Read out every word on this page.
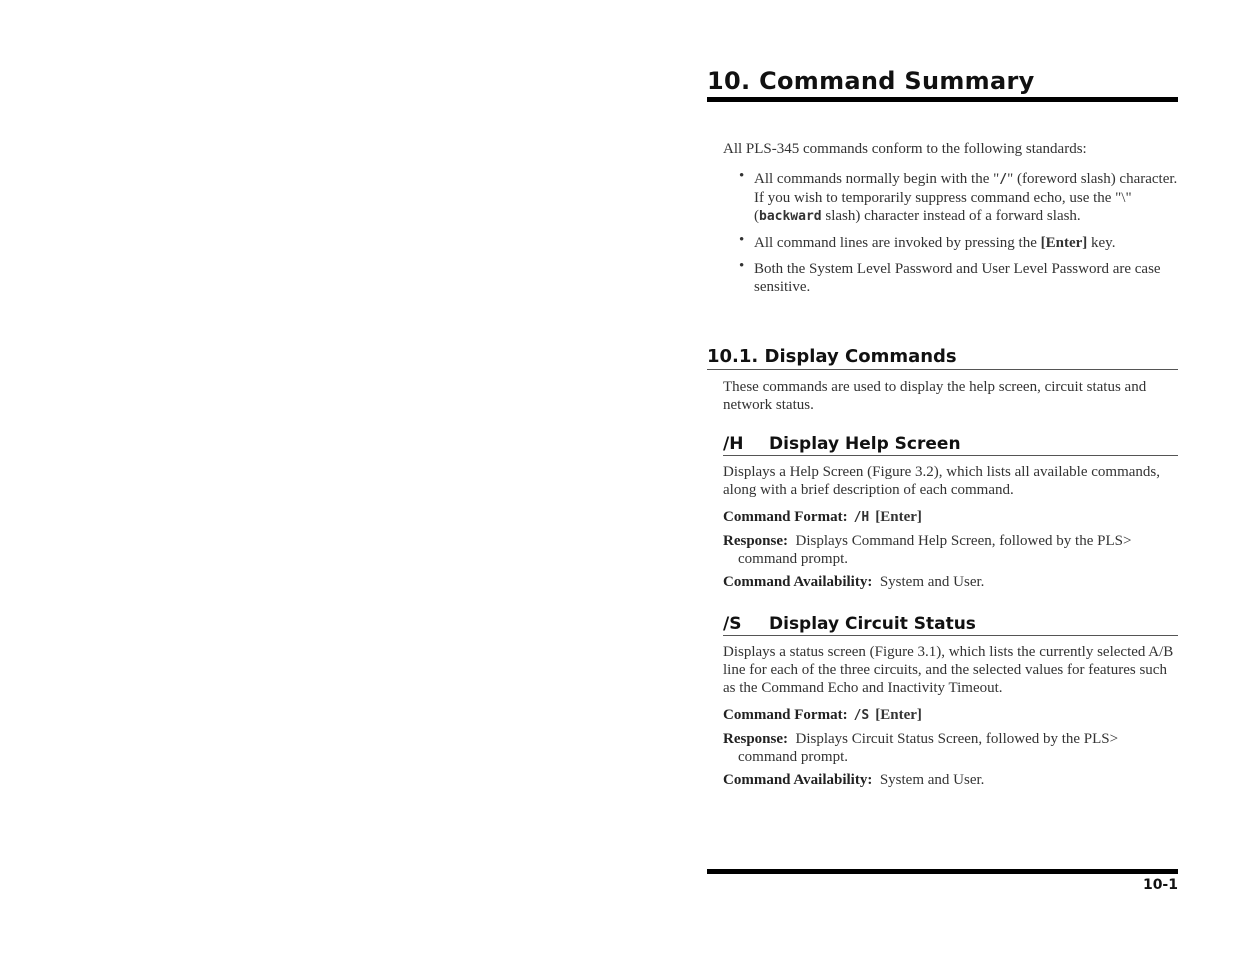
10. Command Summary

All PLS-345 commands conform to the following standards:

• All commands normally begin with the "/" (foreword slash) character. If you wish to temporarily suppress command echo, use the "\" (backward slash) character instead of a forward slash.
• All command lines are invoked by pressing the [Enter] key.
• Both the System Level Password and User Level Password are case sensitive.
10.1. Display Commands

These commands are used to display the help screen, circuit status and network status.

/H Display Help Screen

Displays a Help Screen (Figure 3.2), which lists all available commands, along with a brief description of each command.

Command Format: /H [Enter]

Response: Displays Command Help Screen, followed by the PLS> command prompt.

Command Availability: System and User.

/S Display Circuit Status

Displays a status screen (Figure 3.1), which lists the currently selected A/B line for each of the three circuits, and the selected values for features such as the Command Echo and Inactivity Timeout.

Command Format: /S [Enter]

Response: Displays Circuit Status Screen, followed by the PLS> command prompt.

Command Availability: System and User.

10-1
